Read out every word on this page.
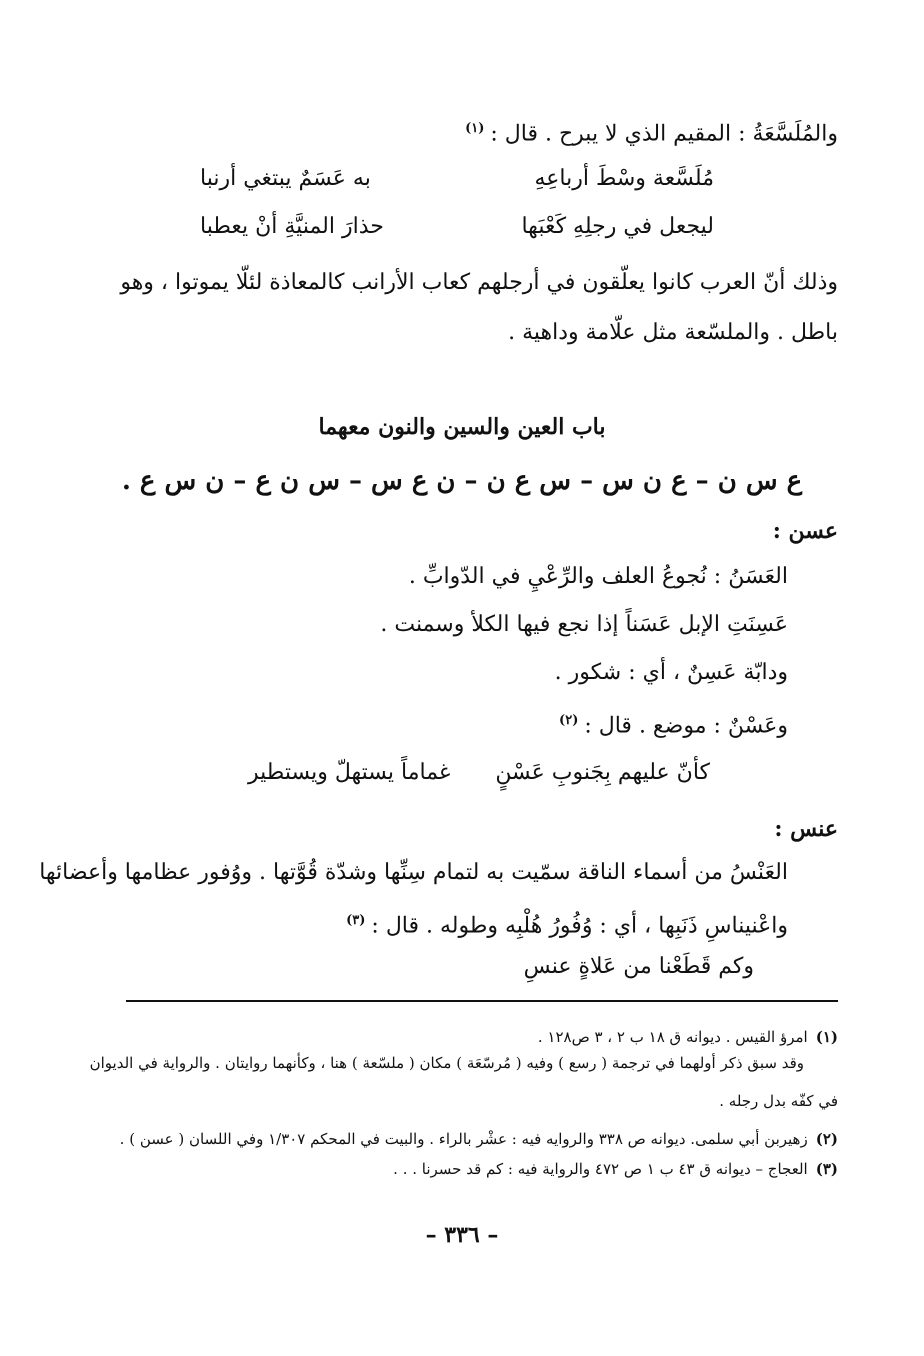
والمُلَسَّعَةُ : المقيم الذي لا يبرح . قال :$^{(١)}$
مُلَسَّعة وسْطَ أرباعِهِ
به عَسَمٌ يبتغي أرنبا
ليجعل في رجلِهِ كَعْبَها
حذارَ المنيَّةِ أنْ يعطبا
وذلك أنّ العرب كانوا يعلّقون في أرجلهم كعاب الأرانب كالمعاذة لئلّا يموتوا ، وهو
باطل . والملسّعة مثل علّامة وداهية .
باب العين والسين والنون معهما
ع س ن – ع ن س – س ع ن – ن ع س – س ن ع – ن س ع .
عسن :
العَسَنُ : نُجوعُ العلف والرِّعْيِ في الدّوابِّ .
عَسِنَتِ الإبل عَسَناً إذا نجع فيها الكلأ وسمنت .
ودابّة عَسِنٌ ، أي : شكور .
وعَسْنٌ : موضع . قال :$^{(٢)}$
كأنّ عليهم بِجَنوبِ عَسْنٍ
غماماً يستهلّ ويستطير
عنس :
العَنْسُ من أسماء الناقة سمّيت به لتمام سِنِّها وشدّة قُوَّتها . ووُفور عظامها وأعضائها
واعْنيناسِ ذَنَبِها ، أي : وُفُورُ هُلْبِه وطوله . قال :$^{(٣)}$
وكم قَطَعْنا من عَلاةٍ عنسِ
(١)امرؤ القيس . ديوانه ق ١٨ ب ٢ ، ٣ ص١٢٨ .
وقد سبق ذكر أولهما في ترجمة ( رسع ) وفيه ( مُرسّعَة ) مكان ( ملسّعة ) هنا ، وكأنهما روايتان . والرواية في الديوان
في كفّه بدل رجله .
(٢)زهيربن أبي سلمى. ديوانه ص ٣٣٨ والروايه فيه : عشْر بالراء . والبيت في المحكم ١/٣٠٧ وفي اللسان ( عسن ) .
(٣)العجاج – ديوانه ق ٤٣ ب ١ ص ٤٧٢ والرواية فيه : كم قد حسرنا . . .
– ٣٣٦ –
